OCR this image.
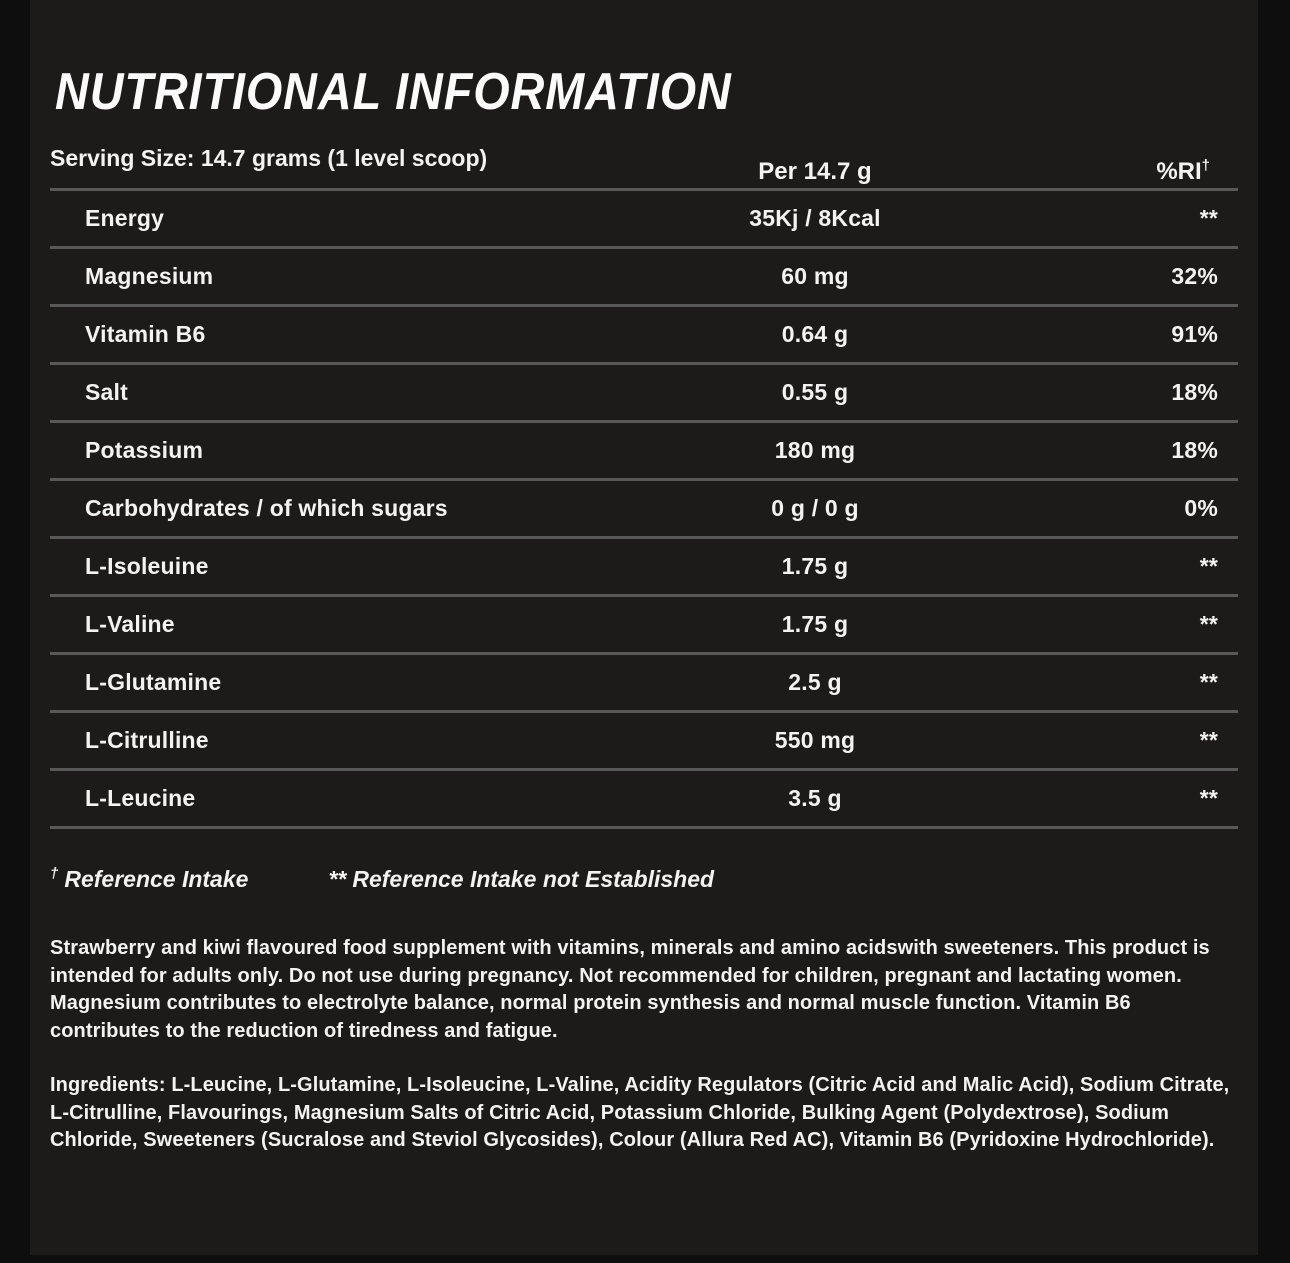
NUTRITIONAL INFORMATION
Serving Size: 14.7 grams (1 level scoop)	Per 14.7 g	%RI†
Energy	35Kj / 8Kcal	**
Magnesium	60 mg	32%
Vitamin B6	0.64 g	91%
Salt	0.55 g	18%
Potassium	180 mg	18%
Carbohydrates / of which sugars	0 g / 0 g	0%
L-Isoleuine	1.75 g	**
L-Valine	1.75 g	**
L-Glutamine	2.5 g	**
L-Citrulline	550 mg	**
L-Leucine	3.5 g	**
† Reference Intake	** Reference Intake not Established

Strawberry and kiwi flavoured food supplement with vitamins, minerals and amino acidswith sweeteners. This product is intended for adults only. Do not use during pregnancy. Not recommended for children, pregnant and lactating women.

Magnesium contributes to electrolyte balance, normal protein synthesis and normal muscle function. Vitamin B6 contributes to the reduction of tiredness and fatigue.

Ingredients: L-Leucine, L-Glutamine, L-Isoleucine, L-Valine, Acidity Regulators (Citric Acid and Malic Acid), Sodium Citrate, L-Citrulline, Flavourings, Magnesium Salts of Citric Acid, Potassium Chloride, Bulking Agent (Polydextrose), Sodium Chloride, Sweeteners (Sucralose and Steviol Glycosides), Colour (Allura Red AC), Vitamin B6 (Pyridoxine Hydrochloride).
